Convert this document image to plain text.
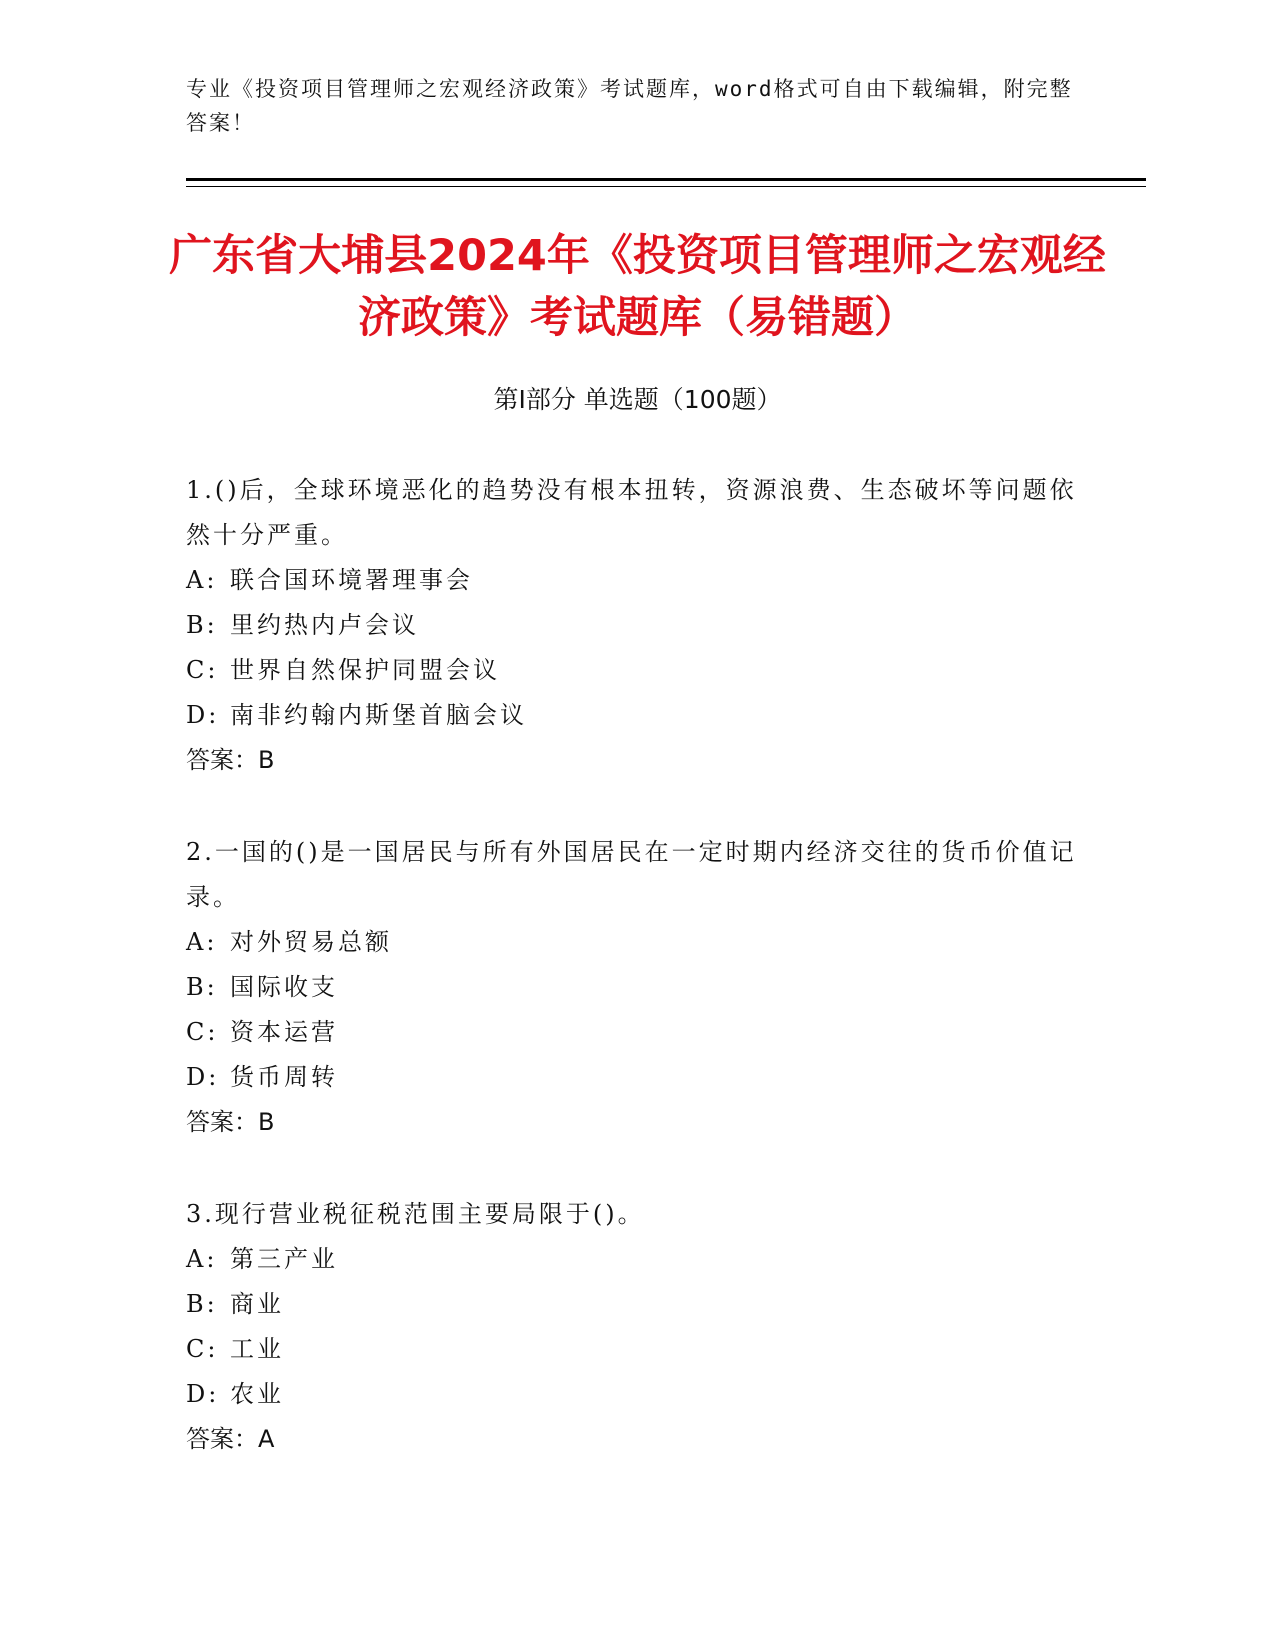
专业《投资项目管理师之宏观经济政策》考试题库，word格式可自由下载编辑，附完整答案！
广东省大埔县2024年《投资项目管理师之宏观经济政策》考试题库（易错题）
第I部分 单选题（100题）

1.()后，全球环境恶化的趋势没有根本扭转，资源浪费、生态破坏等问题依然十分严重。

A: 联合国环境署理事会

B: 里约热内卢会议

C: 世界自然保护同盟会议

D: 南非约翰内斯堡首脑会议

答案：B

2.一国的()是一国居民与所有外国居民在一定时期内经济交往的货币价值记录。

A: 对外贸易总额

B: 国际收支

C: 资本运营

D: 货币周转

答案：B

3.现行营业税征税范围主要局限于()。

A: 第三产业

B: 商业

C: 工业

D: 农业

答案：A
